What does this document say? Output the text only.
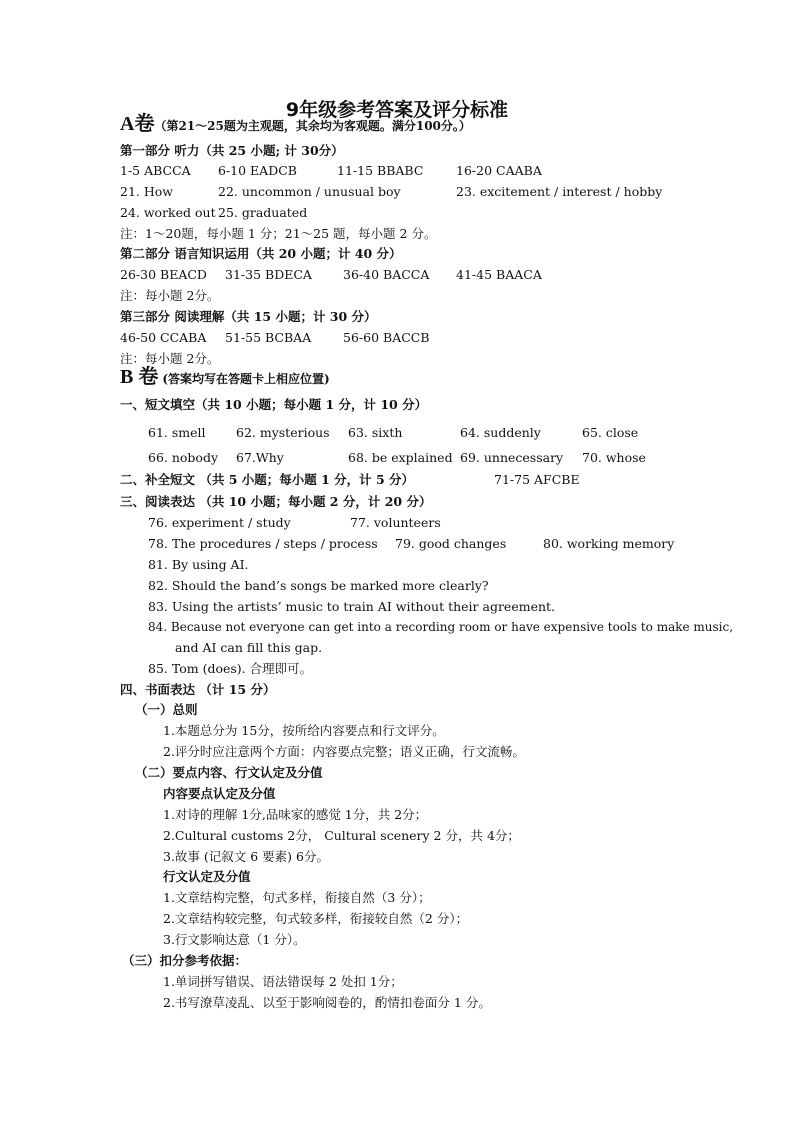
9年级参考答案及评分标准
A卷（第21～25题为主观题，其余均为客观题。满分100分。）
第一部分 听力（共 25 小题; 计 30分）
1-5 ABCCA 6-10 EADCB	11-15 BBABC	16-20 CAABA
21. How	22. uncommon / unusual boy	23. excitement / interest / hobby
24. worked out 25. graduated
注：1～20题，每小题 1 分；21～25 题，每小题 2 分。
第二部分 语言知识运用（共 20 小题；计 40 分）
26-30 BEACD 31-35 BDECA 36-40 BACCA 41-45 BAACA
注：每小题 2分。
第三部分 阅读理解（共 15 小题；计 30 分）
46-50 CCABA 51-55 BCBAA	56-60 BACCB
注：每小题 2分。
B 卷 (答案均写在答题卡上相应位置)
一、短文填空（共 10 小题；每小题 1 分，计 10 分）
61. smell 62. mysterious 63. sixth	64. suddenly	65. close
66. nobody 67.Why	68. be explained 69. unnecessary 70. whose
二、补全短文 （共 5 小题；每小题 1 分，计 5 分）	71-75 AFCBE
三、阅读表达 （共 10 小题；每小题 2 分，计 20 分）
76. experiment / study	77. volunteers
78. The procedures / steps / process 79. good changes	80. working memory
81. By using AI.
82. Should the band’s songs be marked more clearly?
83. Using the artists’ music to train AI without their agreement.
84. Because not everyone can get into a recording room or have expensive tools to make music,
and AI can fill this gap.
85. Tom (does). 合理即可。
四、书面表达 （计 15 分）
（一）总则
1.本题总分为 15分，按所给内容要点和行文评分。
2.评分时应注意两个方面：内容要点完整；语义正确，行文流畅。
（二）要点内容、行文认定及分值
内容要点认定及分值
1.对诗的理解 1分,品味家的感觉 1分，共 2分；
2.Cultural customs 2分， Cultural scenery 2 分，共 4分；
3.故事 (记叙文 6 要素) 6分。
行文认定及分值
1.文章结构完整，句式多样，衔接自然（3 分）；
2.文章结构较完整，句式较多样，衔接较自然（2 分）；
3.行文影响达意（1 分）。
（三）扣分参考依据：
1.单词拼写错误、语法错误每 2 处扣 1分；
2.书写潦草凌乱、以至于影响阅卷的，酌情扣卷面分 1 分。
